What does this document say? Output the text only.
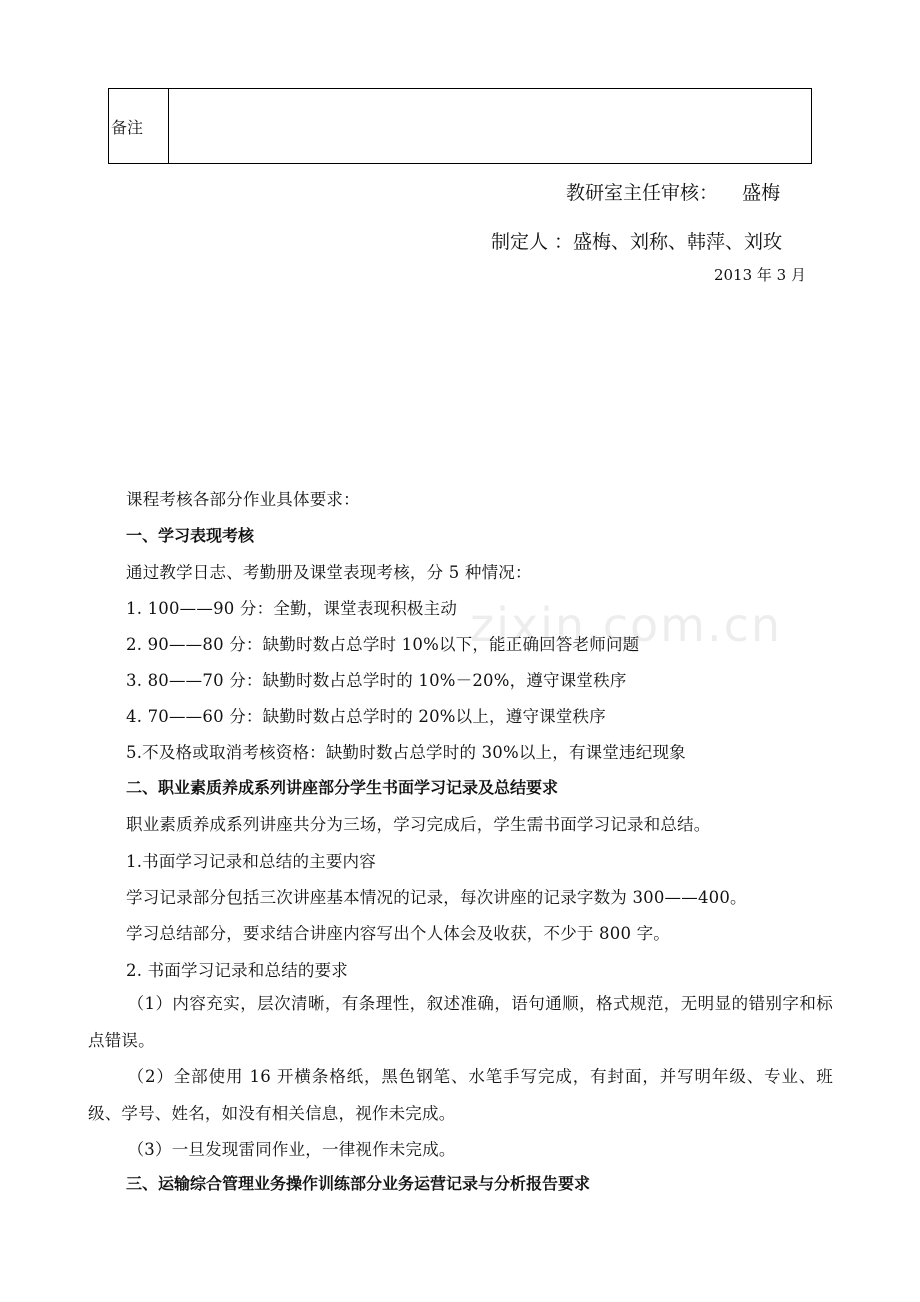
备注
教研室主任审核：    盛梅
制定人 ：盛梅、刘称、韩萍、刘玫
2013 年 3 月
zixin.com.cn
课程考核各部分作业具体要求：
一、学习表现考核
通过教学日志、考勤册及课堂表现考核，分 5 种情况：
1. 100——90 分：全勤，课堂表现积极主动
2. 90——80 分：缺勤时数占总学时 10%以下，能正确回答老师问题
3. 80——70 分：缺勤时数占总学时的 10%－20%，遵守课堂秩序
4. 70——60 分：缺勤时数占总学时的 20%以上，遵守课堂秩序
5.不及格或取消考核资格：缺勤时数占总学时的 30%以上，有课堂违纪现象
二、职业素质养成系列讲座部分学生书面学习记录及总结要求
职业素质养成系列讲座共分为三场，学习完成后，学生需书面学习记录和总结。
1.书面学习记录和总结的主要内容
学习记录部分包括三次讲座基本情况的记录，每次讲座的记录字数为 300——400。
学习总结部分，要求结合讲座内容写出个人体会及收获，不少于 800 字。
2. 书面学习记录和总结的要求
（1）内容充实，层次清晰，有条理性，叙述准确，语句通顺，格式规范，无明显的错别字和标点错误。
（2）全部使用 16 开横条格纸，黑色钢笔、水笔手写完成，有封面，并写明年级、专业、班级、学号、姓名，如没有相关信息，视作未完成。
（3）一旦发现雷同作业，一律视作未完成。
三、运输综合管理业务操作训练部分业务运营记录与分析报告要求
